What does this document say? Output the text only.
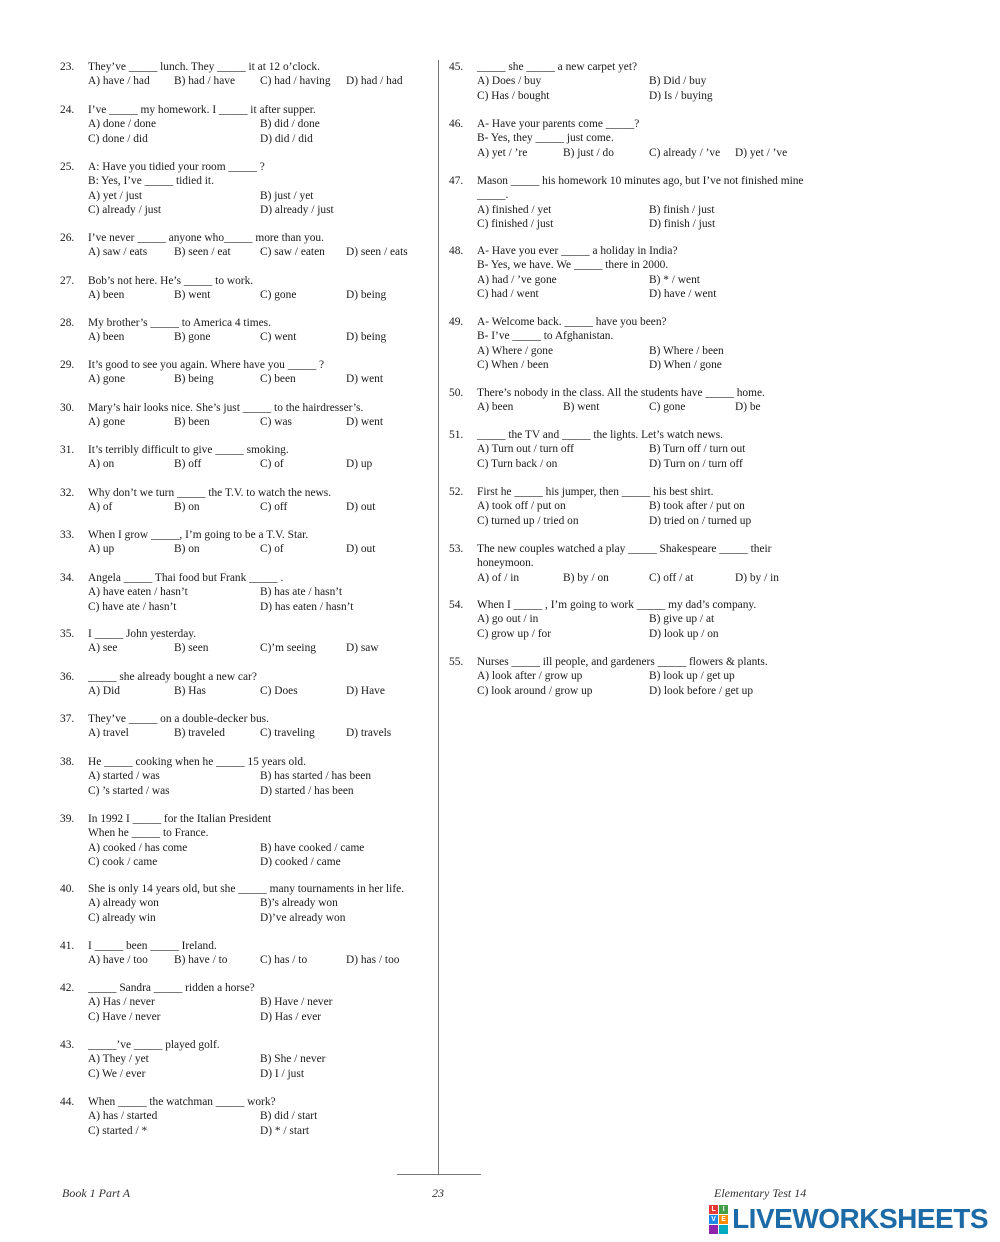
23. They’ve _____ lunch. They _____ it at 12 o’clock.
A) have / had	B) had / have	C) had / having	D) had / had
24. I’ve _____ my homework. I _____ it after supper.
A) done / done	B) did / done
C) done / did	D) did / did
25. A: Have you tidied your room _____ ?
B: Yes, I’ve _____ tidied it.
A) yet / just	B) just / yet
C) already / just	D) already / just
26. I’ve never _____ anyone who_____ more than you.
A) saw / eats	B) seen / eat	C) saw / eaten	D) seen / eats
27. Bob’s not here. He’s _____ to work.
A) been	B) went	C) gone	D) being
28. My brother’s _____ to America 4 times.
A) been	B) gone	C) went	D) being
29. It’s good to see you again. Where have you _____ ?
A) gone	B) being	C) been	D) went
30. Mary’s hair looks nice. She’s just _____ to the hairdresser’s.
A) gone	B) been	C) was	D) went
31. It’s terribly difficult to give _____ smoking.
A) on	B) off	C) of	D) up
32. Why don’t we turn _____ the T.V. to watch the news.
A) of	B) on	C) off	D) out
33. When I grow _____, I’m going to be a T.V. Star.
A) up	B) on	C) of	D) out
34. Angela _____ Thai food but Frank _____ .
A) have eaten / hasn’t	B) has ate / hasn’t
C) have ate / hasn’t	D) has eaten / hasn’t
35. I _____ John yesterday.
A) see	B) seen	C)’m seeing	D) saw
36. _____ she already bought a new car?
A) Did	B) Has	C) Does	D) Have
37. They’ve _____ on a double-decker bus.
A) travel	B) traveled	C) traveling	D) travels
38. He _____ cooking when he _____ 15 years old.
A) started / was	B) has started / has been
C) ’s started / was	D) started / has been
39. In 1992 I _____ for the Italian President
When he _____ to France.
A) cooked / has come	B) have cooked / came
C) cook / came	D) cooked / came
40. She is only 14 years old, but she _____ many tournaments in her life.
A) already won	B)’s already won
C) already win	D)’ve already won
41. I _____ been _____ Ireland.
A) have / too	B) have / to	C) has / to	D) has / too
42. _____ Sandra _____ ridden a horse?
A) Has / never	B) Have / never
C) Have / never	D) Has / ever
43. _____’ve _____ played golf.
A) They / yet	B) She / never
C) We / ever	D) I / just
44. When _____ the watchman _____ work?
A) has / started	B) did / start
C) started / *	D) * / start
45. _____ she _____ a new carpet yet?
A) Does / buy	B) Did / buy
C) Has / bought	D) Is / buying
46. A- Have your parents come _____?
B- Yes, they _____ just come.
A) yet / ’re	B) just / do	C) already / ’ve	D) yet / ’ve
47. Mason _____ his homework 10 minutes ago, but I’ve not finished mine _____.
A) finished / yet	B) finish / just
C) finished / just	D) finish / just
48. A- Have you ever _____ a holiday in India?
B- Yes, we have. We _____ there in 2000.
A) had / ’ve gone	B) * / went
C) had / went	D) have / went
49. A- Welcome back. _____ have you been?
B- I’ve _____ to Afghanistan.
A) Where / gone	B) Where / been
C) When / been	D) When / gone
50. There’s nobody in the class. All the students have _____ home.
A) been	B) went	C) gone	D) be
51. _____ the TV and _____ the lights. Let’s watch news.
A) Turn out / turn off	B) Turn off / turn out
C) Turn back / on	D) Turn on / turn off
52. First he _____ his jumper, then _____ his best shirt.
A) took off / put on	B) took after / put on
C) turned up / tried on	D) tried on / turned up
53. The new couples watched a play _____ Shakespeare _____ their honeymoon.
A) of / in	B) by / on	C) off / at	D) by / in
54. When I _____ , I’m going to work _____ my dad’s company.
A) go out / in	B) give up / at
C) grow up / for	D) look up / on
55. Nurses _____ ill people, and gardeners _____ flowers & plants.
A) look after / grow up	B) look up / get up
C) look around / grow up	D) look before / get up
Book 1 Part A	23	Elementary Test 14
L I
V E LIVEWORKSHEETS
